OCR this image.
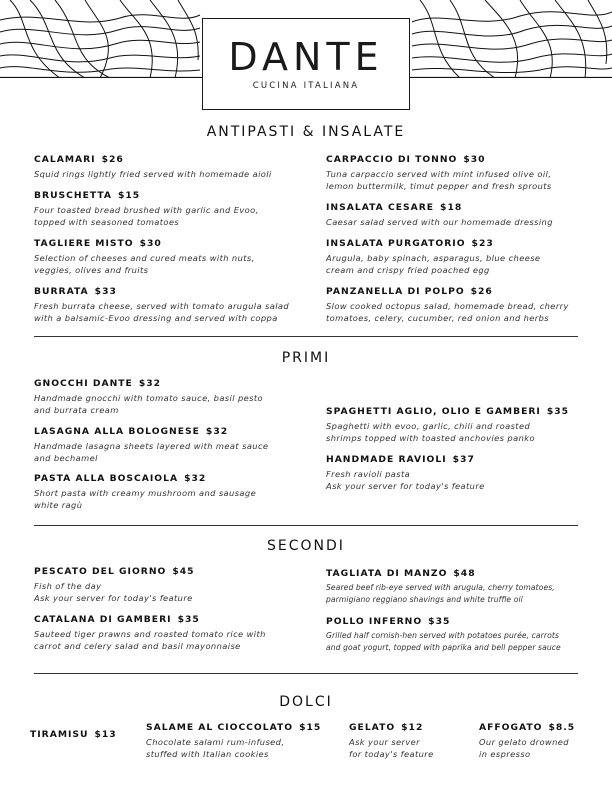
DANTE
CUCINA ITALIANA
ANTIPASTI & INSALATE
CALAMARI $26
Squid rings lightly fried served with homemade aioli
BRUSCHETTA $15
Four toasted bread brushed with garlic and Evoo,
topped with seasoned tomatoes
TAGLIERE MISTO $30
Selection of cheeses and cured meats with nuts,
veggies, olives and fruits
BURRATA $33
Fresh burrata cheese, served with tomato arugula salad
with a balsamic-Evoo dressing and served with coppa
CARPACCIO DI TONNO $30
Tuna carpaccio served with mint infused olive oil,
lemon buttermilk, timut pepper and fresh sprouts
INSALATA CESARE $18
Caesar salad served with our homemade dressing
INSALATA PURGATORIO $23
Arugula, baby spinach, asparagus, blue cheese
cream and crispy fried poached egg
PANZANELLA DI POLPO $26
Slow cooked octopus salad, homemade bread, cherry
tomatoes, celery, cucumber, red onion and herbs
PRIMI
GNOCCHI DANTE $32
Handmade gnocchi with tomato sauce, basil pesto
and burrata cream
LASAGNA ALLA BOLOGNESE $32
Handmade lasagna sheets layered with meat sauce
and bechamel
PASTA ALLA BOSCAIOLA $32
Short pasta with creamy mushroom and sausage
white ragù
SPAGHETTI AGLIO, OLIO E GAMBERI $35
Spaghetti with evoo, garlic, chili and roasted
shrimps topped with toasted anchovies panko
HANDMADE RAVIOLI $37
Fresh ravioli pasta
Ask your server for today's feature
SECONDI
PESCATO DEL GIORNO $45
Fish of the day
Ask your server for today's feature
CATALANA DI GAMBERI $35
Sauteed tiger prawns and roasted tomato rice with
carrot and celery salad and basil mayonnaise
TAGLIATA DI MANZO $48
Seared beef rib-eye served with arugula, cherry tomatoes,
parmigiano reggiano shavings and white truffle oil
POLLO INFERNO $35
Grilled half cornish-hen served with potatoes purée, carrots
and goat yogurt, topped with paprika and bell pepper sauce
DOLCI
TIRAMISU $13
SALAME AL CIOCCOLATO $15
Chocolate salami rum-infused,
stuffed with Italian cookies
GELATO $12
Ask your server
for today's feature
AFFOGATO $8.5
Our gelato drowned
in espresso
